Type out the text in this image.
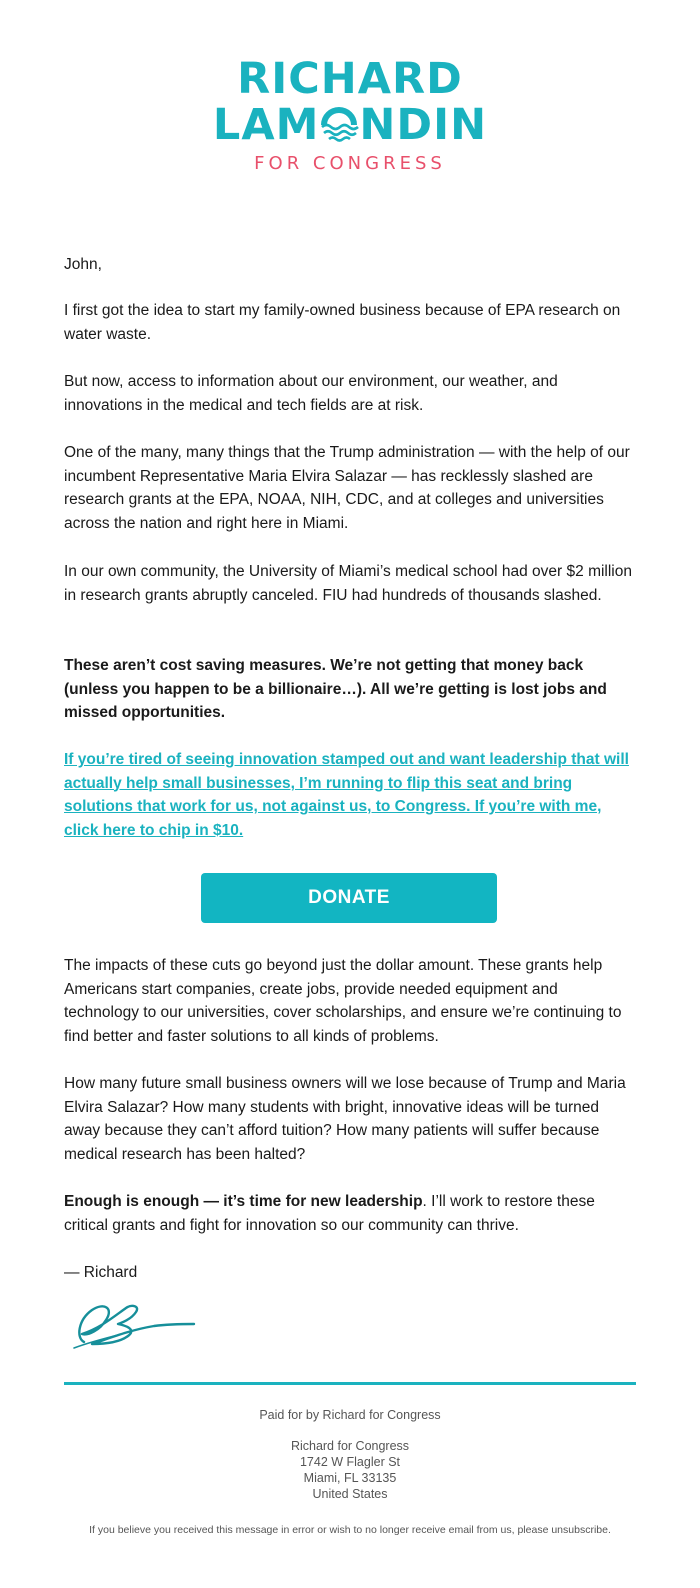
RICHARD
LAM NDIN
FOR CONGRESS

John,

I first got the idea to start my family-owned business because of EPA research on water waste.

But now, access to information about our environment, our weather, and innovations in the medical and tech fields are at risk.

One of the many, many things that the Trump administration — with the help of our incumbent Representative Maria Elvira Salazar — has recklessly slashed are research grants at the EPA, NOAA, NIH, CDC, and at colleges and universities across the nation and right here in Miami.

In our own community, the University of Miami’s medical school had over $2 million in research grants abruptly canceled. FIU had hundreds of thousands slashed.

These aren’t cost saving measures. We’re not getting that money back (unless you happen to be a billionaire…). All we’re getting is lost jobs and missed opportunities.

If you’re tired of seeing innovation stamped out and want leadership that will actually help small businesses, I’m running to flip this seat and bring solutions that work for us, not against us, to Congress. If you’re with me, click here to chip in $10.

DONATE

The impacts of these cuts go beyond just the dollar amount. These grants help Americans start companies, create jobs, provide needed equipment and technology to our universities, cover scholarships, and ensure we’re continuing to find better and faster solutions to all kinds of problems.

How many future small business owners will we lose because of Trump and Maria Elvira Salazar? How many students with bright, innovative ideas will be turned away because they can’t afford tuition? How many patients will suffer because medical research has been halted?

Enough is enough — it’s time for new leadership. I’ll work to restore these critical grants and fight for innovation so our community can thrive.

— Richard

Paid for by Richard for Congress
Richard for Congress
1742 W Flagler St
Miami, FL 33135
United States
If you believe you received this message in error or wish to no longer receive email from us, please unsubscribe.
